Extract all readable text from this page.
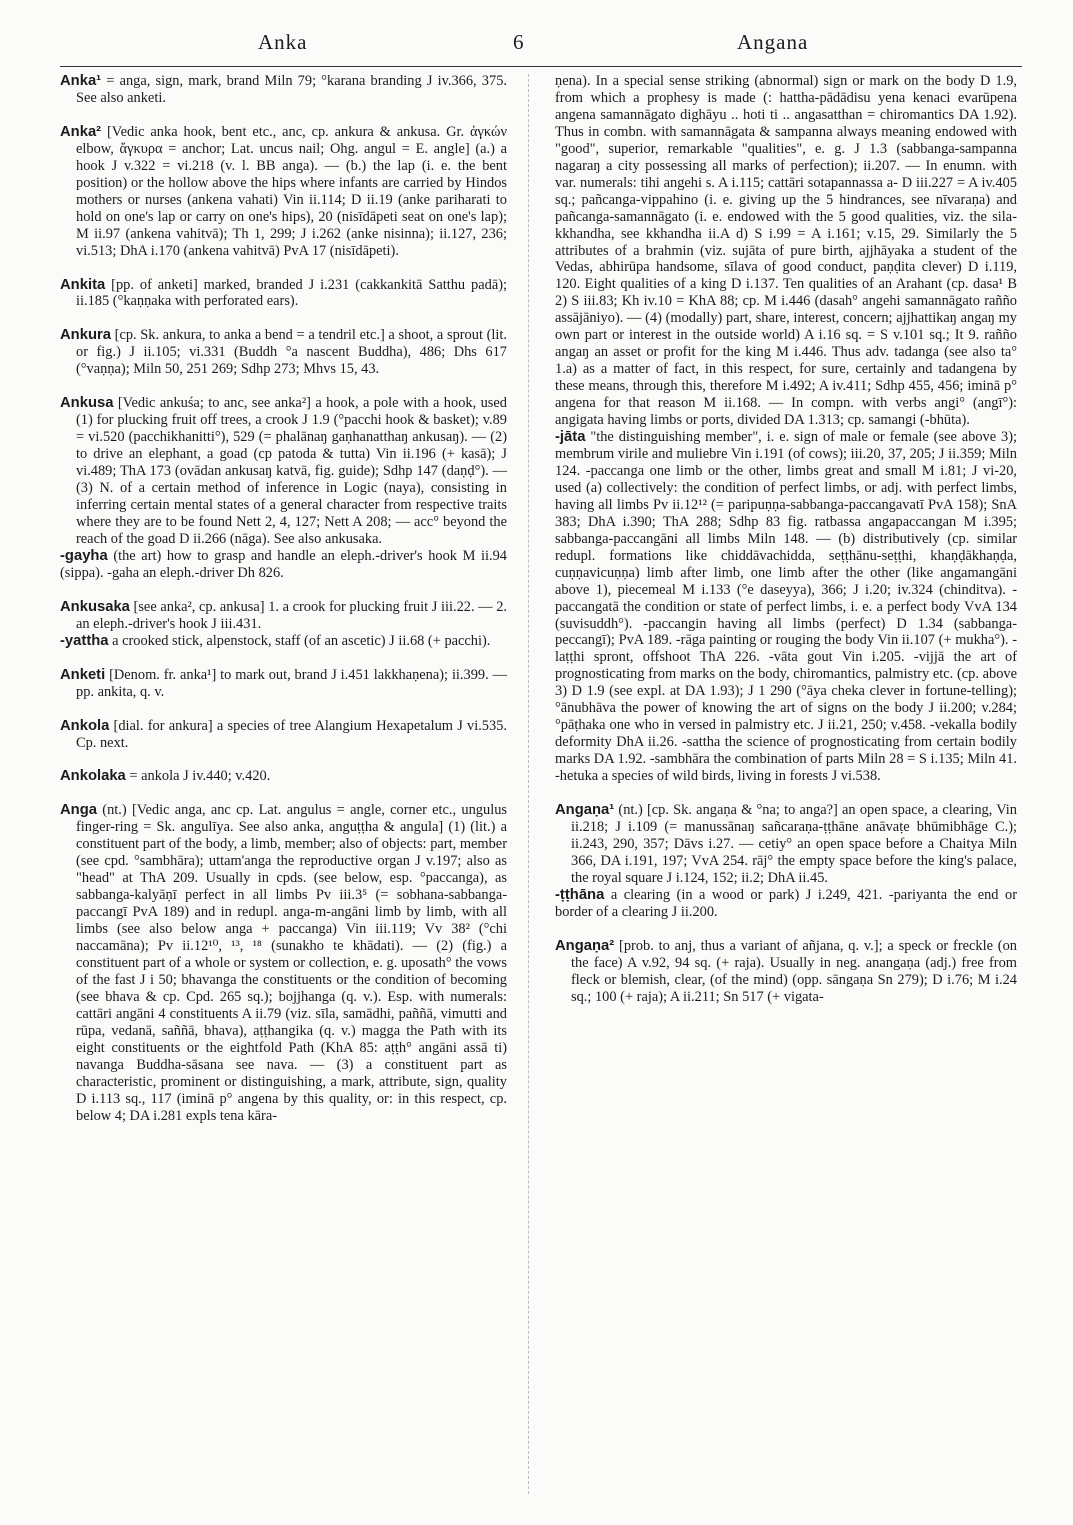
Anka	6	Angana

Anka¹ = anga, sign, mark, brand Miln 79; °karana branding J iv.366, 375. See also anketi.

Anka² [Vedic anka hook, bent etc., anc, cp. ankura & ankusa. Gr. ἀγκών elbow, ἄγκυρα = anchor; Lat. uncus nail; Ohg. angul = E. angle] (a.) a hook J v.322 = vi.218 (v. l. BB anga). — (b.) the lap (i. e. the bent position) or the hollow above the hips where infants are carried by Hindos mothers or nurses (ankena vahati) Vin ii.114; D ii.19 (anke pariharati to hold on one's lap or carry on one's hips), 20 (nisīdāpeti seat on one's lap); M ii.97 (ankena vahitvā); Th 1, 299; J i.262 (anke nisinna); ii.127, 236; vi.513; DhA i.170 (ankena vahitvā) PvA 17 (nisīdāpeti).

Ankita [pp. of anketi] marked, branded J i.231 (cakkankitā Satthu padā); ii.185 (°kaṇṇaka with perforated ears).

Ankura [cp. Sk. ankura, to anka a bend = a tendril etc.] a shoot, a sprout (lit. or fig.) J ii.105; vi.331 (Buddh °a nascent Buddha), 486; Dhs 617 (°vaṇṇa); Miln 50, 251 269; Sdhp 273; Mhvs 15, 43.

Ankusa [Vedic ankuśa; to anc, see anka²] a hook, a pole with a hook, used (1) for plucking fruit off trees, a crook J 1.9 (°pacchi hook & basket); v.89 = vi.520 (pacchikhanitti°), 529 (= phalānaŋ gaṇhanatthaŋ ankusaŋ). — (2) to drive an elephant, a goad (cp patoda & tutta) Vin ii.196 (+ kasā); J vi.489; ThA 173 (ovādan ankusaŋ katvā, fig. guide); Sdhp 147 (daṇḍ°). — (3) N. of a certain method of inference in Logic (naya), consisting in inferring certain mental states of a general character from respective traits where they are to be found Nett 2, 4, 127; Nett A 208; — acc° beyond the reach of the goad D ii.266 (nāga). See also ankusaka.

-gayha (the art) how to grasp and handle an eleph.-driver's hook M ii.94 (sippa). -gaha an eleph.-driver Dh 826.

Ankusaka [see anka², cp. ankusa] 1. a crook for plucking fruit J iii.22. — 2. an eleph.-driver's hook J iii.431.

-yattha a crooked stick, alpenstock, staff (of an ascetic) J ii.68 (+ pacchi).

Anketi [Denom. fr. anka¹] to mark out, brand J i.451 lakkhaṇena); ii.399. — pp. ankita, q. v.

Ankola [dial. for ankura] a species of tree Alangium Hexapetalum J vi.535. Cp. next.

Ankolaka = ankola J iv.440; v.420.

Anga (nt.) [Vedic anga, anc cp. Lat. angulus = angle, corner etc., ungulus finger-ring = Sk. angulīya. See also anka, anguṭṭha & angula] (1) (lit.) a constituent part of the body, a limb, member; also of objects: part, member (see cpd. °sambhāra); uttam'anga the reproductive organ J v.197; also as "head" at ThA 209. Usually in cpds. (see below, esp. °paccanga), as sabbanga-kalyāṇī perfect in all limbs Pv iii.3⁵ (= sobhana-sabbanga-paccangī PvA 189) and in redupl. anga-m-angāni limb by limb, with all limbs (see also below anga + paccanga) Vin iii.119; Vv 38² (°chi naccamāna); Pv ii.12¹⁰, ¹³, ¹⁸ (sunakho te khādati). — (2) (fig.) a constituent part of a whole or system or collection, e. g. uposath° the vows of the fast J i 50; bhavanga the constituents or the condition of becoming (see bhava & cp. Cpd. 265 sq.); bojjhanga (q. v.). Esp. with numerals: cattāri angāni 4 constituents A ii.79 (viz. sīla, samādhi, paññā, vimutti and rūpa, vedanā, saññā, bhava), aṭṭhangika (q. v.) magga the Path with its eight constituents or the eightfold Path (KhA 85: aṭṭh° angāni assā ti) navanga Buddha-sāsana see nava. — (3) a constituent part as characteristic, prominent or distinguishing, a mark, attribute, sign, quality D i.113 sq., 117 (iminā p° angena by this quality, or: in this respect, cp. below 4; DA i.281 expls tena kāra-

ṇena). In a special sense striking (abnormal) sign or mark on the body D 1.9, from which a prophesy is made (: hattha-pādādisu yena kenaci evarūpena angena samannāgato dighāyu .. hoti ti .. angasatthan = chiromantics DA 1.92). Thus in combn. with samannāgata & sampanna always meaning endowed with "good", superior, remarkable "qualities", e. g. J 1.3 (sabbanga-sampanna nagaraŋ a city possessing all marks of perfection); ii.207. — In enumn. with var. numerals: tihi angehi s. A i.115; cattāri sotapannassa a- D iii.227 = A iv.405 sq.; pañcanga-vippahino (i. e. giving up the 5 hindrances, see nīvaraṇa) and pañcanga-samannāgato (i. e. endowed with the 5 good qualities, viz. the sila-kkhandha, see kkhandha ii.A d) S i.99 = A i.161; v.15, 29. Similarly the 5 attributes of a brahmin (viz. sujāta of pure birth, ajjhāyaka a student of the Vedas, abhirūpa handsome, sīlava of good conduct, paṇḍita clever) D i.119, 120. Eight qualities of a king D i.137. Ten qualities of an Arahant (cp. dasa¹ B 2) S iii.83; Kh iv.10 = KhA 88; cp. M i.446 (dasah° angehi samannāgato rañño assājāniyo). — (4) (modally) part, share, interest, concern; ajjhattikaŋ angaŋ my own part or interest in the outside world) A i.16 sq. = S v.101 sq.; It 9. rañño angaŋ an asset or profit for the king M i.446. Thus adv. tadanga (see also ta° 1.a) as a matter of fact, in this respect, for sure, certainly and tadangena by these means, through this, therefore M i.492; A iv.411; Sdhp 455, 456; iminā p° angena for that reason M ii.168. — In compn. with verbs angi° (angī°): angigata having limbs or ports, divided DA 1.313; cp. samangi (-bhūta).

-jāta "the distinguishing member", i. e. sign of male or female (see above 3); membrum virile and muliebre Vin i.191 (of cows); iii.20, 37, 205; J ii.359; Miln 124. -paccanga one limb or the other, limbs great and small M i.81; J vi-20, used (a) collectively: the condition of perfect limbs, or adj. with perfect limbs, having all limbs Pv ii.12¹² (= paripuṇṇa-sabbanga-paccangavatī PvA 158); SnA 383; DhA i.390; ThA 288; Sdhp 83 fig. ratbassa angapaccangan M i.395; sabbanga-paccangāni all limbs Miln 148. — (b) distributively (cp. similar redupl. formations like chiddāvachidda, seṭṭhānu-seṭṭhi, khaṇḍākhaṇḍa, cuṇṇavicuṇṇa) limb after limb, one limb after the other (like angamangāni above 1), piecemeal M i.133 (°e daseyya), 366; J i.20; iv.324 (chinditva). -paccangatā the condition or state of perfect limbs, i. e. a perfect body VvA 134 (suvisuddh°). -paccangin having all limbs (perfect) D 1.34 (sabbanga-peccangī); PvA 189. -rāga painting or rouging the body Vin ii.107 (+ mukha°). -laṭṭhi spront, offshoot ThA 226. -vāta gout Vin i.205. -vijjā the art of prognosticating from marks on the body, chiromantics, palmistry etc. (cp. above 3) D 1.9 (see expl. at DA 1.93); J 1 290 (°āya cheka clever in fortune-telling); °ānubhāva the power of knowing the art of signs on the body J ii.200; v.284; °pāṭhaka one who in versed in palmistry etc. J ii.21, 250; v.458. -vekalla bodily deformity DhA ii.26. -sattha the science of prognosticating from certain bodily marks DA 1.92. -sambhāra the combination of parts Miln 28 = S i.135; Miln 41. -hetuka a species of wild birds, living in forests J vi.538.

Angaṇa¹ (nt.) [cp. Sk. angaṇa & °na; to anga?] an open space, a clearing, Vin ii.218; J i.109 (= manussānaŋ sañcaraṇa-ṭṭhāne anāvaṭe bhūmibhāge C.); ii.243, 290, 357; Dāvs i.27. — cetiy° an open space before a Chaitya Miln 366, DA i.191, 197; VvA 254. rāj° the empty space before the king's palace, the royal square J i.124, 152; ii.2; DhA ii.45.

-ṭṭhāna a clearing (in a wood or park) J i.249, 421. -pariyanta the end or border of a clearing J ii.200.

Angaṇa² [prob. to anj, thus a variant of añjana, q. v.]; a speck or freckle (on the face) A v.92, 94 sq. (+ raja). Usually in neg. anangaṇa (adj.) free from fleck or blemish, clear, (of the mind) (opp. sāngaṇa Sn 279); D i.76; M i.24 sq.; 100 (+ raja); A ii.211; Sn 517 (+ vigata-
